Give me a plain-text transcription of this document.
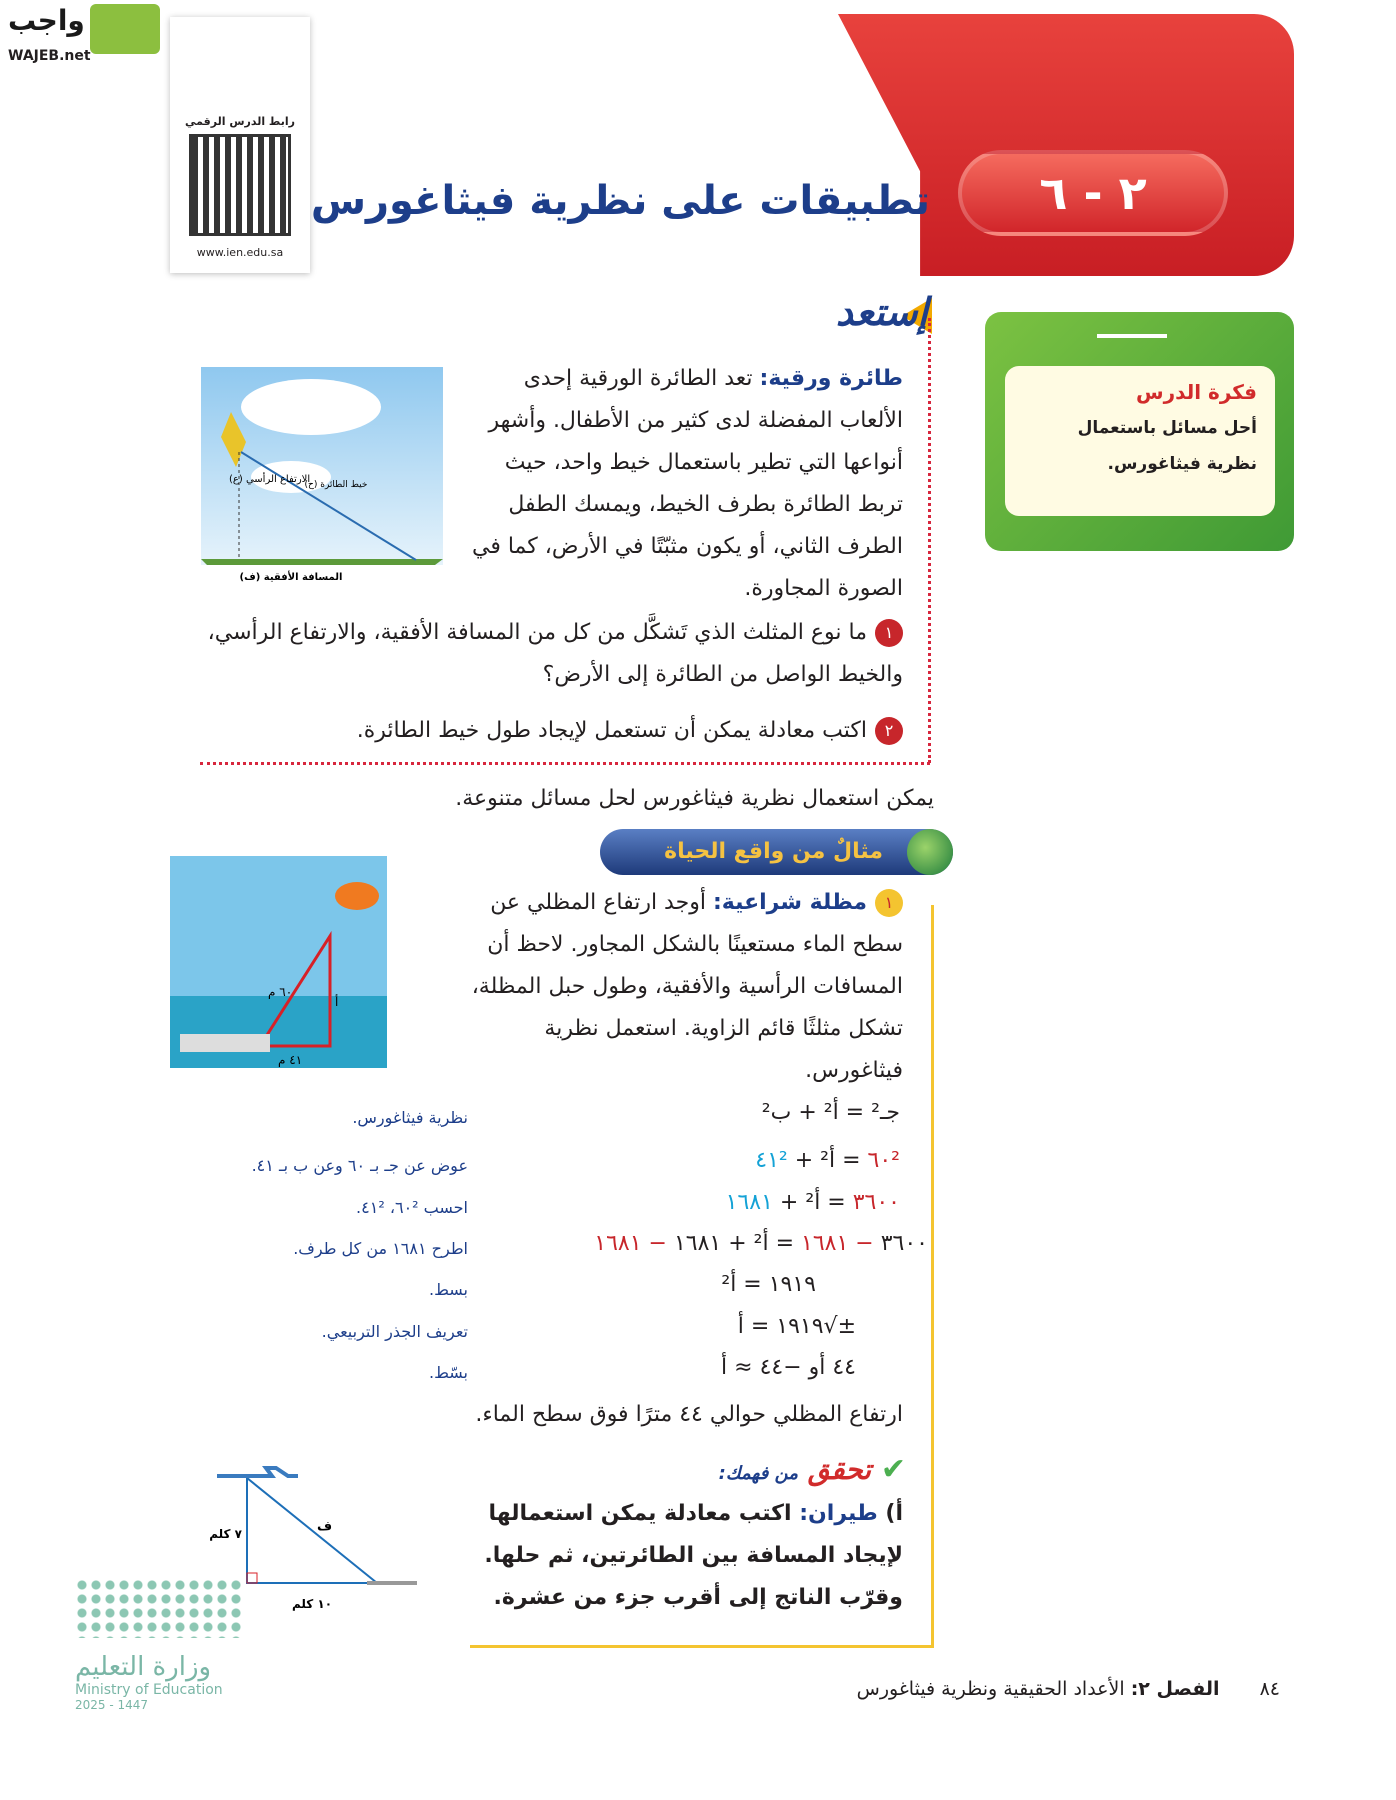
واجب
WAJEB.net
رابط الدرس الرقمي
www.ien.edu.sa
٢ - ٦
تطبيقات على نظرية فيثاغورس
إستعد
فكرة الدرس
أحل مسائل باستعمال نظرية فيثاغورس.
الارتفاع الرأسي (ع)
خيط الطائرة (ح)
المسافة الأفقية (ف)
طائرة ورقية: تعد الطائرة الورقية إحدى الألعاب المفضلة لدى كثير من الأطفال. وأشهر أنواعها التي تطير باستعمال خيط واحد، حيث تربط الطائرة بطرف الخيط، ويمسك الطفل الطرف الثاني، أو يكون مثبّتًا في الأرض، كما في الصورة المجاورة.
١ما نوع المثلث الذي تَشكَّل من كل من المسافة الأفقية، والارتفاع الرأسي، والخيط الواصل من الطائرة إلى الأرض؟
٢اكتب معادلة يمكن أن تستعمل لإيجاد طول خيط الطائرة.
يمكن استعمال نظرية فيثاغورس لحل مسائل متنوعة.
مثالٌ من واقع الحياة
٦٠ م
أ
٤١ م
١مظلة شراعية: أوجد ارتفاع المظلي عن سطح الماء مستعينًا بالشكل المجاور. لاحظ أن المسافات الرأسية والأفقية، وطول حبل المظلة، تشكل مثلثًا قائم الزاوية. استعمل نظرية فيثاغورس.
جـ² = أ² + ب²
نظرية فيثاغورس.
٦٠² = أ² + ٤١²
عوض عن جـ بـ ٦٠ وعن ب بـ ٤١.
٣٦٠٠ = أ² + ١٦٨١
احسب ٦٠²، ٤١².
٣٦٠٠ − ١٦٨١ = أ² + ١٦٨١ − ١٦٨١
اطرح ١٦٨١ من كل طرف.
١٩١٩ = أ²
بسط.
±√١٩١٩ = أ
تعريف الجذر التربيعي.
٤٤ أو −٤٤ ≈ أ
بسّط.
ارتفاع المظلي حوالي ٤٤ مترًا فوق سطح الماء.
✔ تحقق من فهمك:
أ) طيران: اكتب معادلة يمكن استعمالها لإيجاد المسافة بين الطائرتين، ثم حلها. وقرّب الناتج إلى أقرب جزء من عشرة.
٧ كلم
١٠ كلم
ف
وزارة التعليم
Ministry of Education
2025 - 1447
٨٤ الفصل ٢: الأعداد الحقيقية ونظرية فيثاغورس
